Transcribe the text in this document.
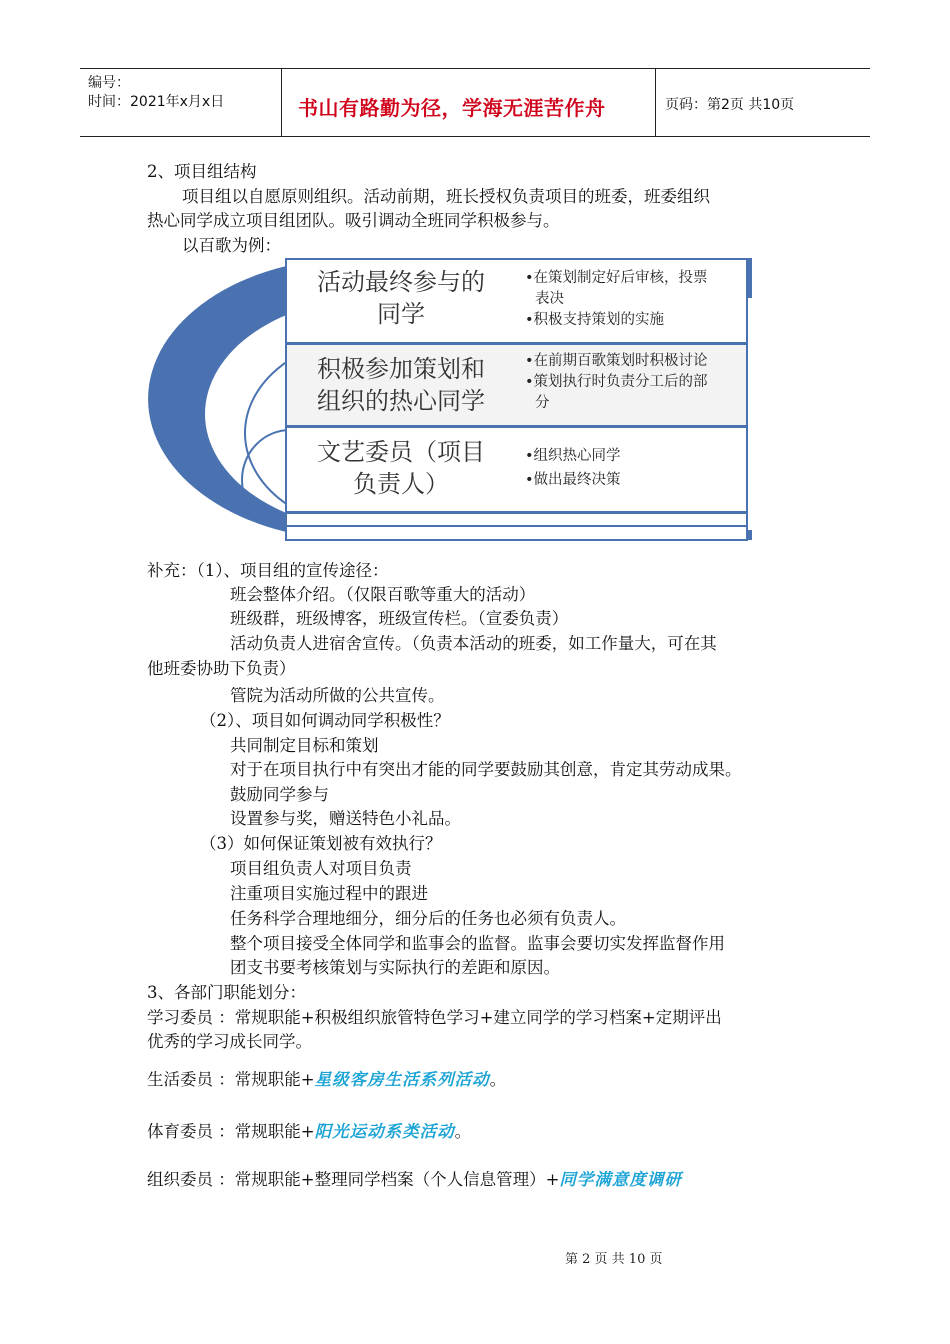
编号：
时间：2021年x月x日	书山有路勤为径，学海无涯苦作舟	页码：第2页 共10页
2、项目组结构
项目组以自愿原则组织。活动前期，班长授权负责项目的班委，班委组织
热心同学成立项目组团队。吸引调动全班同学积极参与。
以百歌为例：
活动最终参与的
同学
•在策划制定好后审核，投票
表决
•积极支持策划的实施
积极参加策划和
组织的热心同学
•在前期百歌策划时积极讨论
•策划执行时负责分工后的部
分
文艺委员（项目
负责人）
•组织热心同学
•做出最终决策
补充：（1）、项目组的宣传途径：
班会整体介绍。（仅限百歌等重大的活动）
班级群，班级博客，班级宣传栏。（宣委负责）
活动负责人进宿舍宣传。（负责本活动的班委，如工作量大，可在其
他班委协助下负责）
管院为活动所做的公共宣传。
（2）、项目如何调动同学积极性？
共同制定目标和策划
对于在项目执行中有突出才能的同学要鼓励其创意，肯定其劳动成果。
鼓励同学参与
设置参与奖，赠送特色小礼品。
（3）如何保证策划被有效执行？
项目组负责人对项目负责
注重项目实施过程中的跟进
任务科学合理地细分，细分后的任务也必须有负责人。
整个项目接受全体同学和监事会的监督。监事会要切实发挥监督作用
团支书要考核策划与实际执行的差距和原因。
3、各部门职能划分：
学习委员 ：常规职能+积极组织旅管特色学习+建立同学的学习档案+定期评出
优秀的学习成长同学。
生活委员 ：常规职能+星级客房生活系列活动。
体育委员 ：常规职能+阳光运动系类活动。
组织委员 ：常规职能+整理同学档案（个人信息管理）+同学满意度调研
第 2 页 共 10 页
